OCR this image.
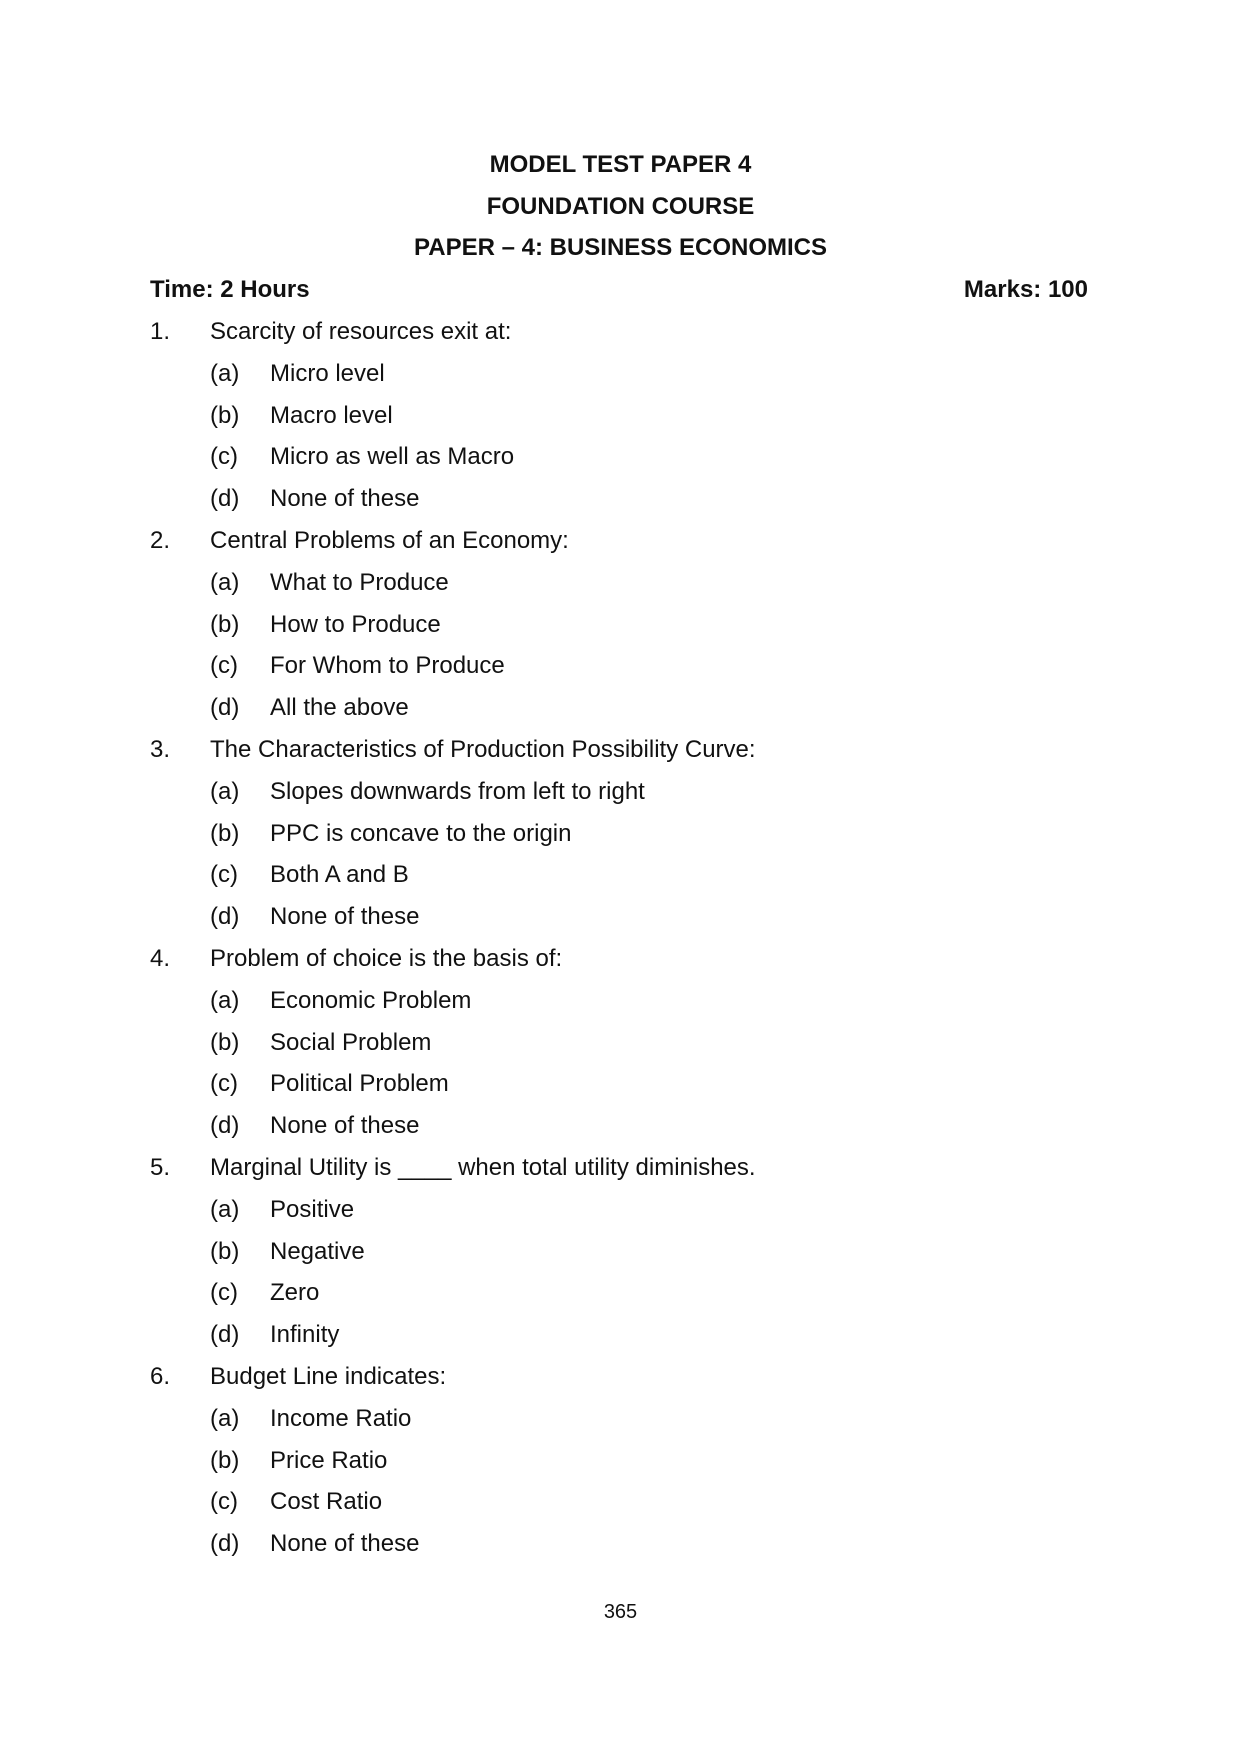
MODEL TEST PAPER 4
FOUNDATION COURSE
PAPER – 4: BUSINESS ECONOMICS
Time: 2 Hours	Marks: 100
1. Scarcity of resources exit at:
(a) Micro level
(b) Macro level
(c) Micro as well as Macro
(d) None of these
2. Central Problems of an Economy:
(a) What to Produce
(b) How to Produce
(c) For Whom to Produce
(d) All the above
3. The Characteristics of Production Possibility Curve:
(a) Slopes downwards from left to right
(b) PPC is concave to the origin
(c) Both A and B
(d) None of these
4. Problem of choice is the basis of:
(a) Economic Problem
(b) Social Problem
(c) Political Problem
(d) None of these
5. Marginal Utility is ____ when total utility diminishes.
(a) Positive
(b) Negative
(c) Zero
(d) Infinity
6. Budget Line indicates:
(a) Income Ratio
(b) Price Ratio
(c) Cost Ratio
(d) None of these
365
